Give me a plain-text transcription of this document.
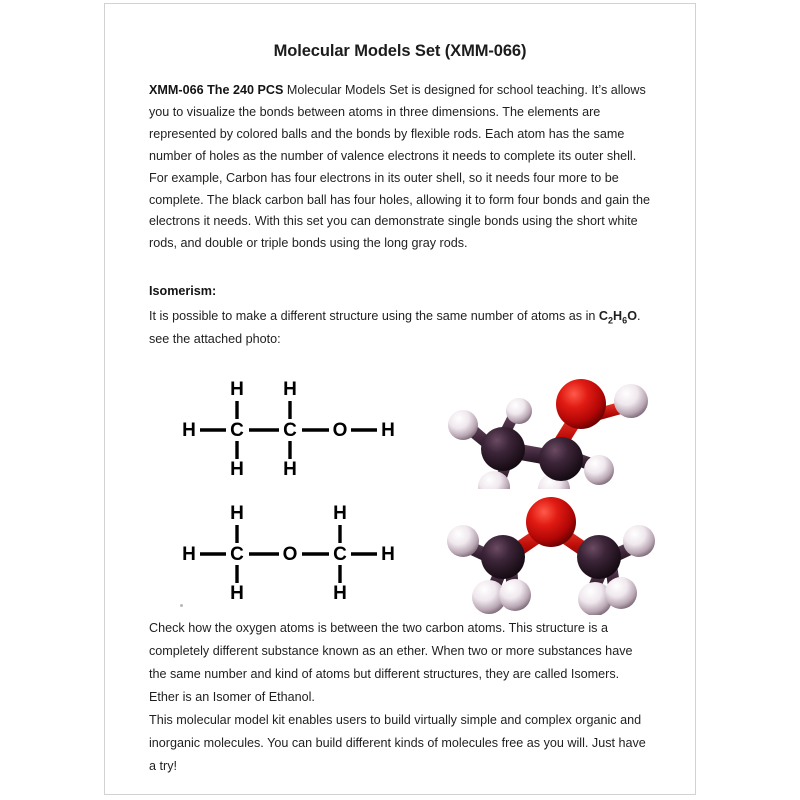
Molecular Models Set (XMM-066)

XMM-066 The 240 PCS Molecular Models Set is designed for school teaching. It’s allows you to visualize the bonds between atoms in three dimensions. The elements are represented by colored balls and the bonds by flexible rods. Each atom has the same number of holes as the number of valence electrons it needs to complete its outer shell. For example, Carbon has four electrons in its outer shell, so it needs four more to be complete. The black carbon ball has four holes, allowing it to form four bonds and gain the electrons it needs. With this set you can demonstrate single bonds using the short white rods, and double or triple bonds using the long gray rods.

Isomerism:

It is possible to make a different structure using the same number of atoms as in $C_2H_6O$. see the attached photo:

H C
H
H
C
H
H
O H
H C
H
H
O C
H
H
H

Check how the oxygen atoms is between the two carbon atoms. This structure is a completely different substance known as an ether. When two or more substances have the same number and kind of atoms but different structures, they are called Isomers. Ether is an Isomer of Ethanol.

This molecular model kit enables users to build virtually simple and complex organic and inorganic molecules. You can build different kinds of molecules free as you will. Just have a try!
